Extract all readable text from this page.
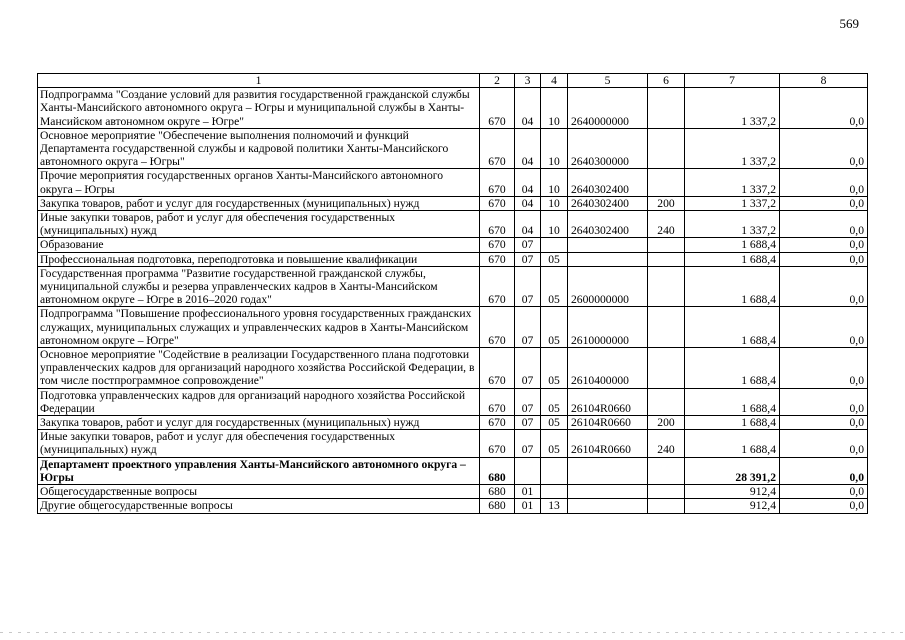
569
1	2	3	4	5	6	7	8
Подпрограмма "Создание условий для развития государственной гражданской службы Ханты-Мансийского автономного округа – Югры и муниципальной службы в Ханты-Мансийском автономном округе – Югре"	670	04	10	2640000000		1 337,2	0,0
Основное мероприятие "Обеспечение выполнения полномочий и функций Департамента государственной службы и кадровой политики Ханты-Мансийского автономного округа – Югры"	670	04	10	2640300000		1 337,2	0,0
Прочие мероприятия государственных органов Ханты-Мансийского автономного округа – Югры	670	04	10	2640302400		1 337,2	0,0
Закупка товаров, работ и услуг для государственных (муниципальных) нужд	670	04	10	2640302400	200	1 337,2	0,0
Иные закупки товаров, работ и услуг для обеспечения государственных (муниципальных) нужд	670	04	10	2640302400	240	1 337,2	0,0
Образование	670	07				1 688,4	0,0
Профессиональная подготовка, переподготовка и повышение квалификации	670	07	05			1 688,4	0,0
Государственная программа "Развитие государственной гражданской службы, муниципальной службы и резерва управленческих кадров в Ханты-Мансийском автономном округе – Югре в 2016–2020 годах"	670	07	05	2600000000		1 688,4	0,0
Подпрограмма "Повышение профессионального уровня государственных гражданских служащих, муниципальных служащих и управленческих кадров в Ханты-Мансийском автономном округе – Югре"	670	07	05	2610000000		1 688,4	0,0
Основное мероприятие "Содействие в реализации Государственного плана подготовки управленческих кадров для организаций народного хозяйства Российской Федерации, в том числе постпрограммное сопровождение"	670	07	05	2610400000		1 688,4	0,0
Подготовка управленческих кадров для организаций народного хозяйства Российской Федерации	670	07	05	26104R0660		1 688,4	0,0
Закупка товаров, работ и услуг для государственных (муниципальных) нужд	670	07	05	26104R0660	200	1 688,4	0,0
Иные закупки товаров, работ и услуг для обеспечения государственных (муниципальных) нужд	670	07	05	26104R0660	240	1 688,4	0,0
Департамент проектного управления Ханты-Мансийского автономного округа – Югры	680					28 391,2	0,0
Общегосударственные вопросы	680	01				912,4	0,0
Другие общегосударственные вопросы	680	01	13			912,4	0,0
